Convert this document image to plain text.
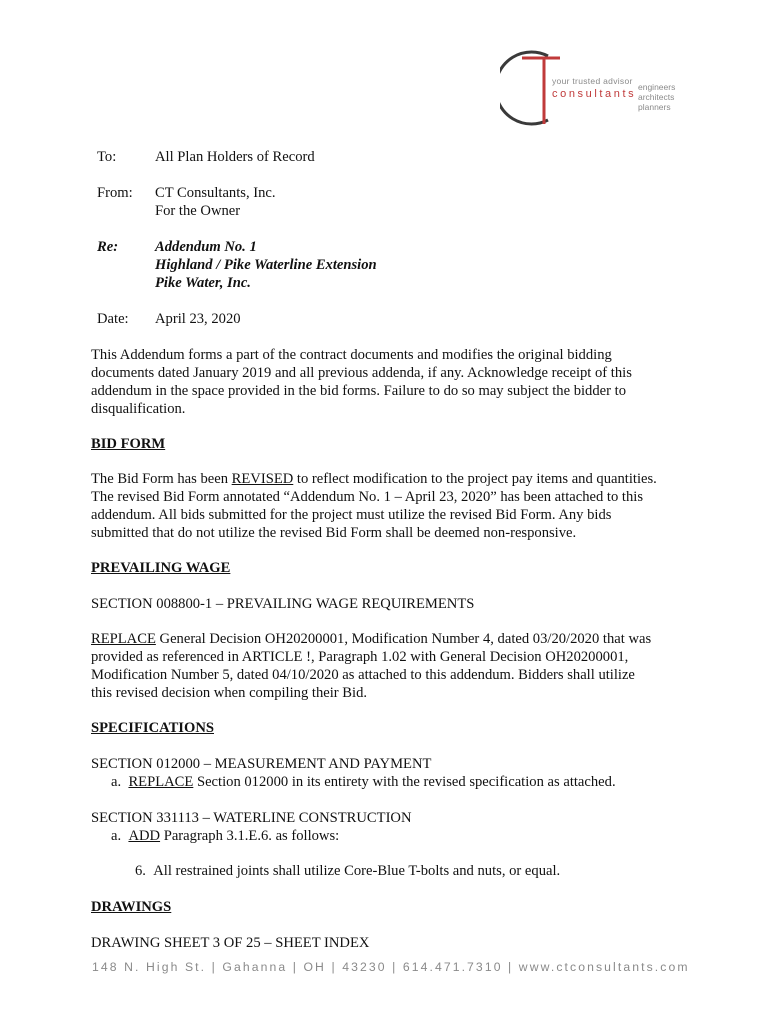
your trusted advisor
consultants
engineers
architects
planners
To:	All Plan Holders of Record
From: CT Consultants, Inc.
For the Owner
Re:	Addendum No. 1
Highland / Pike Waterline Extension
Pike Water, Inc.
Date: April 23, 2020
This Addendum forms a part of the contract documents and modifies the original bidding
documents dated January 2019 and all previous addenda, if any. Acknowledge receipt of this
addendum in the space provided in the bid forms. Failure to do so may subject the bidder to
disqualification.
BID FORM
The Bid Form has been REVISED to reflect modification to the project pay items and quantities.
The revised Bid Form annotated “Addendum No. 1 – April 23, 2020” has been attached to this
addendum. All bids submitted for the project must utilize the revised Bid Form. Any bids
submitted that do not utilize the revised Bid Form shall be deemed non-responsive.
PREVAILING WAGE
SECTION 008800-1 – PREVAILING WAGE REQUIREMENTS
REPLACE General Decision OH20200001, Modification Number 4, dated 03/20/2020 that was
provided as referenced in ARTICLE !, Paragraph 1.02 with General Decision OH20200001,
Modification Number 5, dated 04/10/2020 as attached to this addendum. Bidders shall utilize
this revised decision when compiling their Bid.
SPECIFICATIONS
SECTION 012000 – MEASUREMENT AND PAYMENT
a. REPLACE Section 012000 in its entirety with the revised specification as attached.
SECTION 331113 – WATERLINE CONSTRUCTION
a. ADD Paragraph 3.1.E.6. as follows:
6. All restrained joints shall utilize Core-Blue T-bolts and nuts, or equal.
DRAWINGS
DRAWING SHEET 3 OF 25 – SHEET INDEX
148 N. High St. | Gahanna | OH | 43230 | 614.471.7310 | www.ctconsultants.com
